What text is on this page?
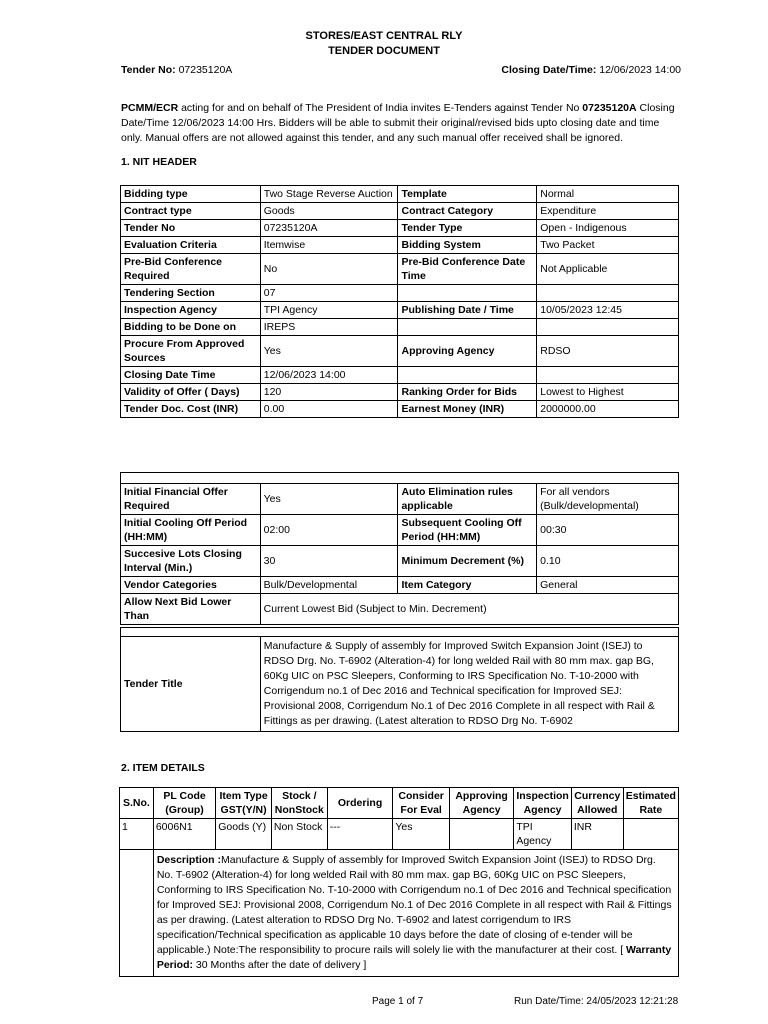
STORES/EAST CENTRAL RLY
TENDER DOCUMENT
Tender No: 07235120A	Closing Date/Time: 12/06/2023 14:00
PCMM/ECR acting for and on behalf of The President of India invites E-Tenders against Tender No 07235120A Closing Date/Time 12/06/2023 14:00 Hrs. Bidders will be able to submit their original/revised bids upto closing date and time only. Manual offers are not allowed against this tender, and any such manual offer received shall be ignored.
1. NIT HEADER
Bidding type	Two Stage Reverse Auction	Template	Normal
Contract type	Goods	Contract Category	Expenditure
Tender No	07235120A	Tender Type	Open - Indigenous
Evaluation Criteria	Itemwise	Bidding System	Two Packet
Pre-Bid Conference Required	No	Pre-Bid Conference Date Time	Not Applicable
Tendering Section	07		
Inspection Agency	TPI Agency	Publishing Date / Time	10/05/2023 12:45
Bidding to be Done on	IREPS		
Procure From Approved Sources	Yes	Approving Agency	RDSO
Closing Date Time	12/06/2023 14:00		
Validity of Offer ( Days)	120	Ranking Order for Bids	Lowest to Highest
Tender Doc. Cost (INR)	0.00	Earnest Money (INR)	2000000.00

Initial Financial Offer Required	Yes	Auto Elimination rules applicable	For all vendors (Bulk/developmental)
Initial Cooling Off Period (HH:MM)	02:00	Subsequent Cooling Off Period (HH:MM)	00:30
Succesive Lots Closing Interval (Min.)	30	Minimum Decrement (%)	0.10
Vendor Categories	Bulk/Developmental	Item Category	General
Allow Next Bid Lower Than	Current Lowest Bid (Subject to Min. Decrement)		

Tender Title	Manufacture & Supply of assembly for Improved Switch Expansion Joint (ISEJ) to RDSO Drg. No. T-6902 (Alteration-4) for long welded Rail with 80 mm max. gap BG, 60Kg UIC on PSC Sleepers, Conforming to IRS Specification No. T-10-2000 with Corrigendum no.1 of Dec 2016 and Technical specification for Improved SEJ: Provisional 2008, Corrigendum No.1 of Dec 2016 Complete in all respect with Rail & Fittings as per drawing. (Latest alteration to RDSO Drg No. T-6902
2. ITEM DETAILS
S.No.	PL Code (Group)	Item Type GST(Y/N)	Stock / NonStock	Ordering	Consider For Eval	Approving Agency	Inspection Agency	Currency Allowed	Estimated Rate
1	6006N1	Goods (Y)	Non Stock	---	Yes		TPI Agency	INR	
	Description :Manufacture & Supply of assembly for Improved Switch Expansion Joint (ISEJ) to RDSO Drg. No. T-6902 (Alteration-4) for long welded Rail with 80 mm max. gap BG, 60Kg UIC on PSC Sleepers, Conforming to IRS Specification No. T-10-2000 with Corrigendum no.1 of Dec 2016 and Technical specification for Improved SEJ: Provisional 2008, Corrigendum No.1 of Dec 2016 Complete in all respect with Rail & Fittings as per drawing. (Latest alteration to RDSO Drg No. T-6902 and latest corrigendum to IRS specification/Technical specification as applicable 10 days before the date of closing of e-tender will be applicable.) Note:The responsibility to procure rails will solely lie with the manufacturer at their cost. [ Warranty Period: 30 Months after the date of delivery ]								
Page 1 of 7	Run Date/Time: 24/05/2023 12:21:28
